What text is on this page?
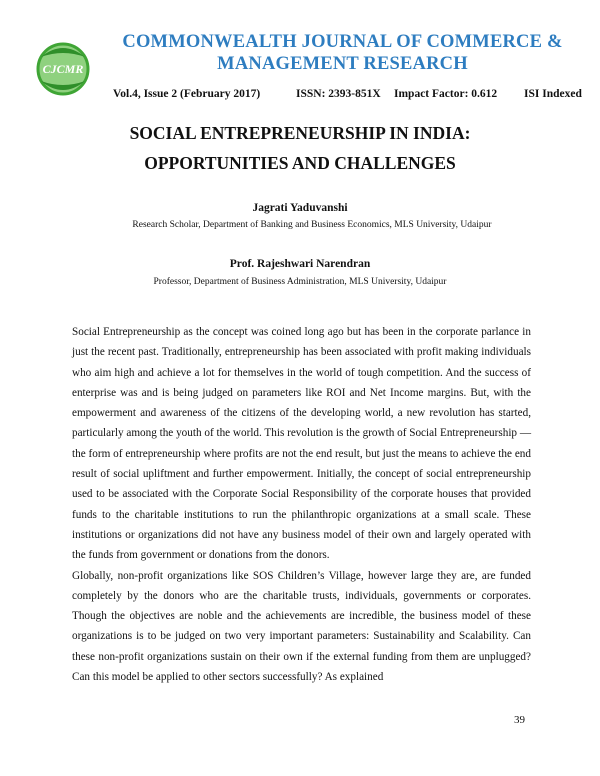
CJCMR
COMMONWEALTH JOURNAL OF COMMERCE & MANAGEMENT RESEARCH
Vol.4, Issue 2 (February 2017)	ISSN: 2393-851X Impact Factor: 0.612 ISI Indexed
SOCIAL ENTREPRENEURSHIP IN INDIA:
OPPORTUNITIES AND CHALLENGES
Jagrati Yaduvanshi
Research Scholar, Department of Banking and Business Economics, MLS University, Udaipur
Prof. Rajeshwari Narendran
Professor, Department of Business Administration, MLS University, Udaipur

Social Entrepreneurship as the concept was coined long ago but has been in the corporate parlance in just the recent past. Traditionally, entrepreneurship has been associated with profit making individuals who aim high and achieve a lot for themselves in the world of tough competition. And the success of enterprise was and is being judged on parameters like ROI and Net Income margins. But, with the empowerment and awareness of the citizens of the developing world, a new revolution has started, particularly among the youth of the world. This revolution is the growth of Social Entrepreneurship — the form of entrepreneurship where profits are not the end result, but just the means to achieve the end result of social upliftment and further empowerment. Initially, the concept of social entrepreneurship used to be associated with the Corporate Social Responsibility of the corporate houses that provided funds to the charitable institutions to run the philanthropic organizations at a small scale. These institutions or organizations did not have any business model of their own and largely operated with the funds from government or donations from the donors.

Globally, non-profit organizations like SOS Children’s Village, however large they are, are funded completely by the donors who are the charitable trusts, individuals, governments or corporates. Though the objectives are noble and the achievements are incredible, the business model of these organizations is to be judged on two very important parameters: Sustainability and Scalability. Can these non-profit organizations sustain on their own if the external funding from them are unplugged? Can this model be applied to other sectors successfully? As explained

39
